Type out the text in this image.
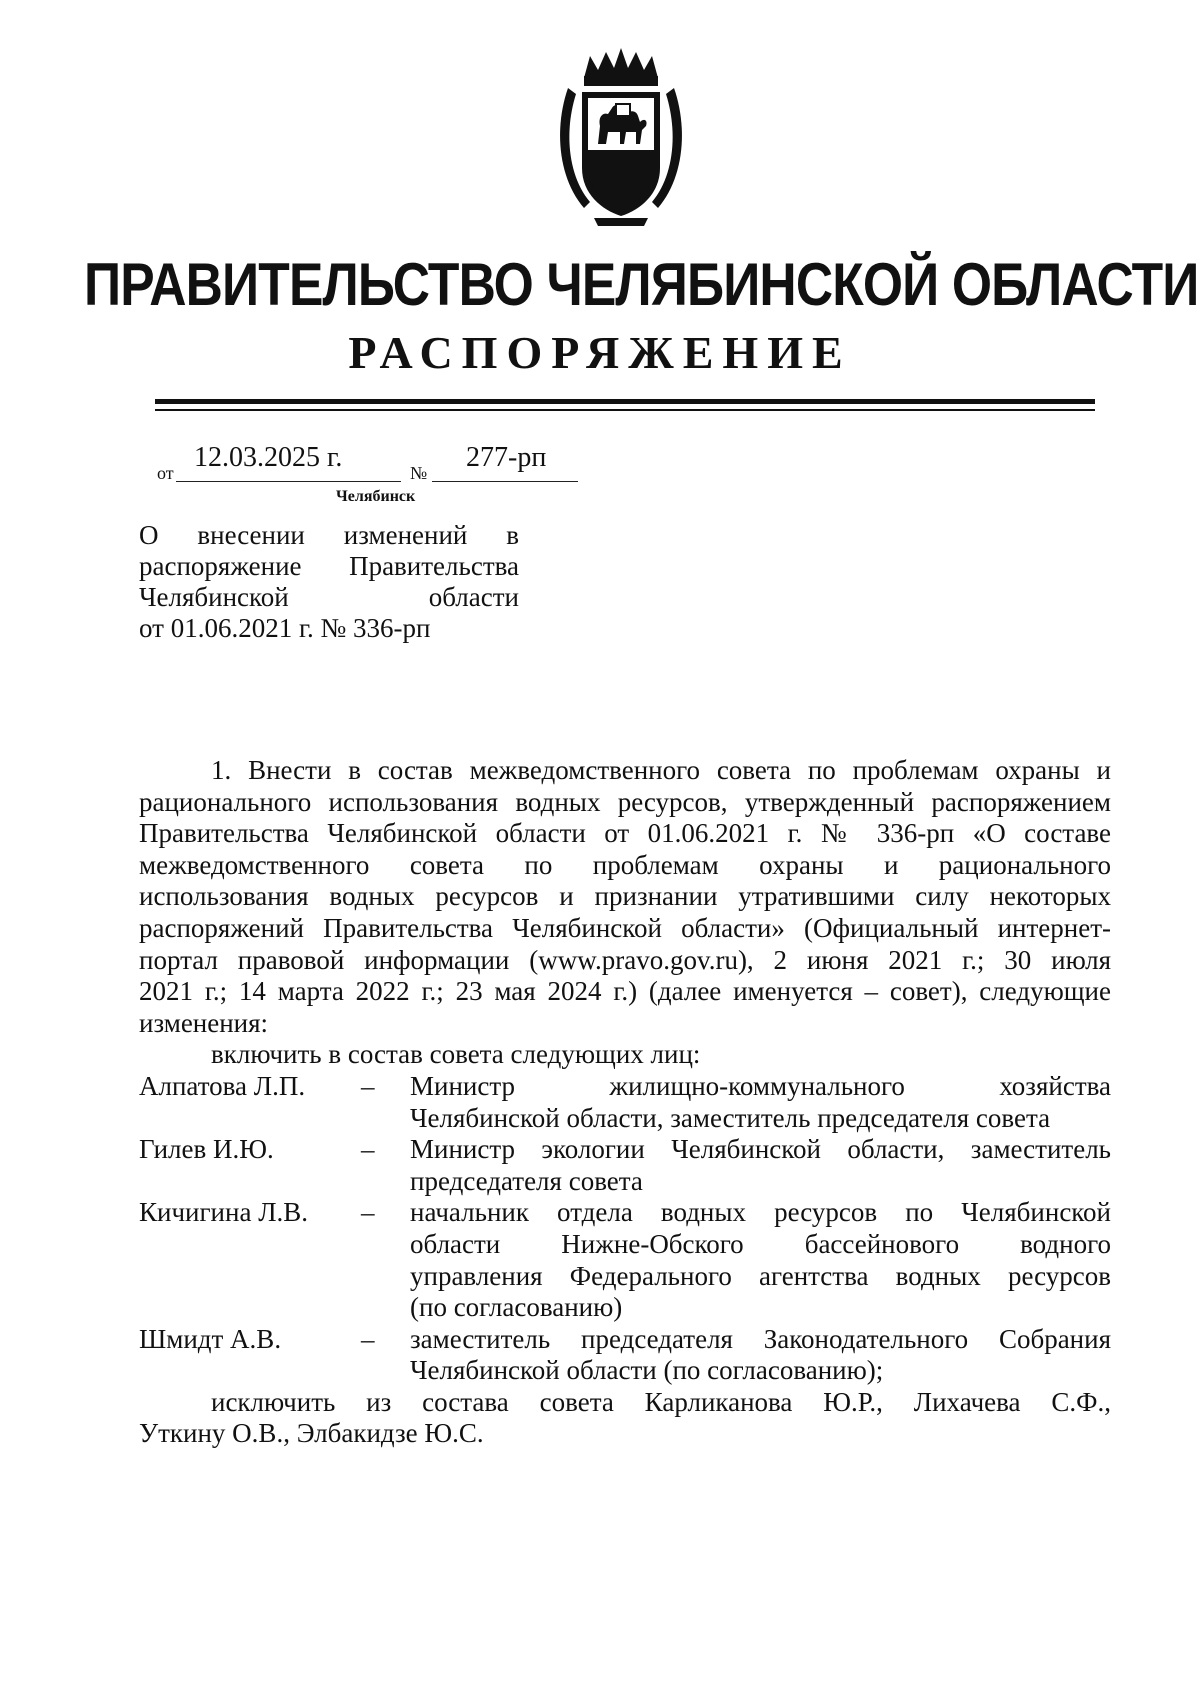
ПРАВИТЕЛЬСТВО ЧЕЛЯБИНСКОЙ ОБЛАСТИ
РАСПОРЯЖЕНИЕ
от 12.03.2025 г.	№ 277-рп
Челябинск
О внесении изменений в
распоряжение Правительства
Челябинской области
от 01.06.2021 г. № 336-рп
1. Внести в состав межведомственного совета по проблемам охраны и
рационального использования водных ресурсов, утвержденный распоряжением
Правительства Челябинской области от 01.06.2021 г. № 336-рп «О составе
межведомственного совета по проблемам охраны и рационального
использования водных ресурсов и признании утратившими силу некоторых
распоряжений Правительства Челябинской области» (Официальный интернет-
портал правовой информации (www.pravo.gov.ru), 2 июня 2021 г.; 30 июля
2021 г.; 14 марта 2022 г.; 23 мая 2024 г.) (далее именуется – совет), следующие
изменения:
включить в состав совета следующих лиц:
Алпатова Л.П.	–	Министр жилищно-коммунального хозяйства
Челябинской области, заместитель председателя совета
Гилев И.Ю.	–	Министр экологии Челябинской области, заместитель
председателя совета
Кичигина Л.В.	–	начальник отдела водных ресурсов по Челябинской
области Нижне-Обского бассейнового водного
управления Федерального агентства водных ресурсов
(по согласованию)
Шмидт А.В.	–	заместитель председателя Законодательного Собрания
Челябинской области (по согласованию);
исключить из состава совета Карликанова Ю.Р., Лихачева С.Ф.,
Уткину О.В., Элбакидзе Ю.С.
